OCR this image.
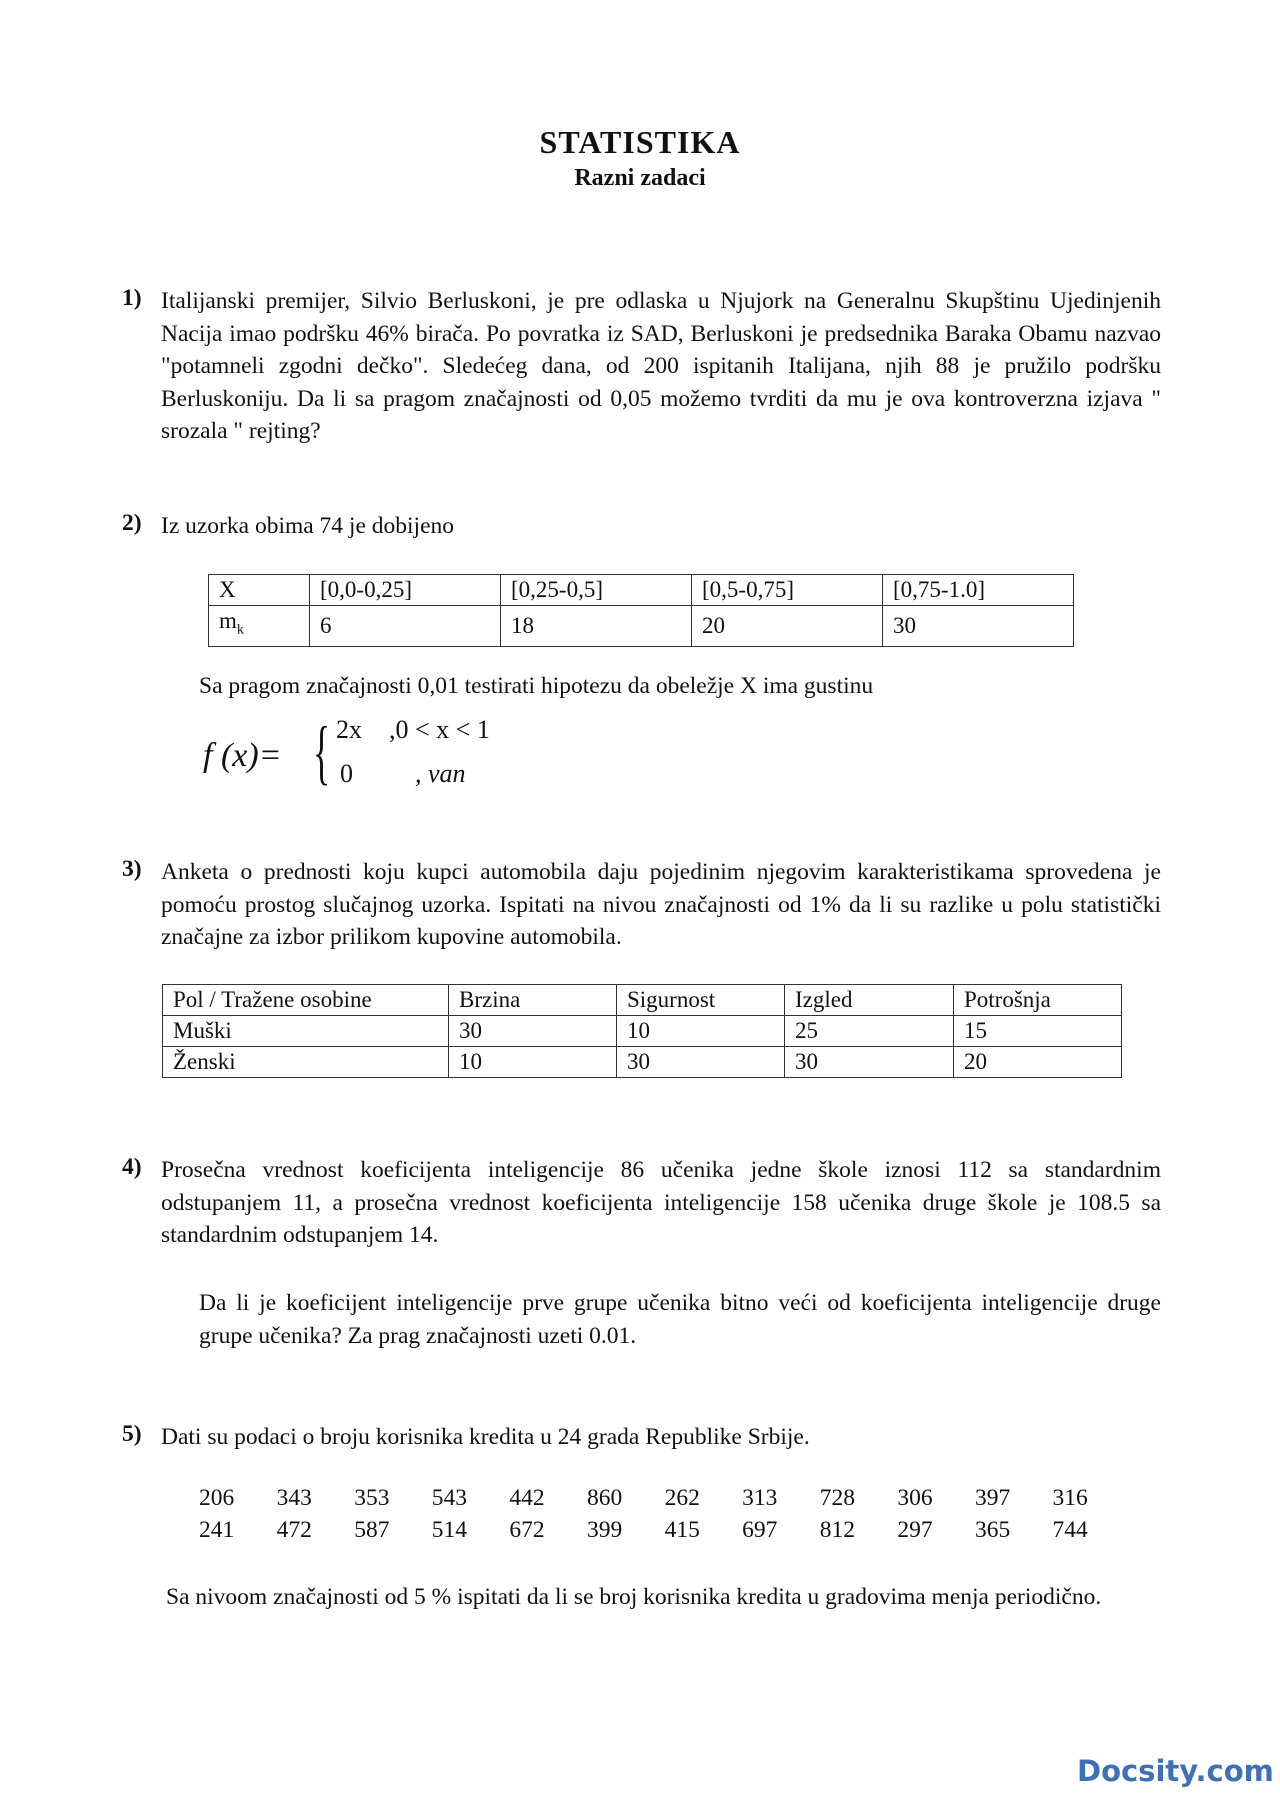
STATISTIKA
Razni zadaci
1) Italijanski premijer, Silvio Berluskoni, je pre odlaska u Njujork na Generalnu Skupštinu Ujedinjenih Nacija imao podršku 46% birača. Po povratka iz SAD, Berluskoni je predsednika Baraka Obamu nazvao "potamneli zgodni dečko". Sledećeg dana, od 200 ispitanih Italijana, njih 88 je pružilo podršku Berluskoniju. Da li sa pragom značajnosti od 0,05 možemo tvrditi da mu je ova kontroverzna izjava " srozala " rejting?
2) Iz uzorka obima 74 je dobijeno
X	[0,0-0,25]	[0,25-0,5]	[0,5-0,75]	[0,75-1.0]
$m_k$	6	18	20	30
Sa pragom značajnosti 0,01 testirati hipotezu da obeležje X ima gustinu
f (x)= { 2x ,0 < x < 1
0 , van
3) Anketa o prednosti koju kupci automobila daju pojedinim njegovim karakteristikama sprovedena je pomoću prostog slučajnog uzorka. Ispitati na nivou značajnosti od 1% da li su razlike u polu statistički značajne za izbor prilikom kupovine automobila.
Pol / Tražene osobine	Brzina	Sigurnost	Izgled	Potrošnja
Muški	30	10	25	15
Ženski	10	30	30	20
4) Prosečna vrednost koeficijenta inteligencije 86 učenika jedne škole iznosi 112 sa standardnim odstupanjem 11, a prosečna vrednost koeficijenta inteligencije 158 učenika druge škole je 108.5 sa standardnim odstupanjem 14.
Da li je koeficijent inteligencije prve grupe učenika bitno veći od koeficijenta inteligencije druge grupe učenika? Za prag značajnosti uzeti 0.01.
5) Dati su podaci o broju korisnika kredita u 24 grada Republike Srbije.
206 343 353 543 442 860 262 313 728 306 397 316
241 472 587 514 672 399 415 697 812 297 365 744
Sa nivoom značajnosti od 5 % ispitati da li se broj korisnika kredita u gradovima menja periodično.
Docsity.com
